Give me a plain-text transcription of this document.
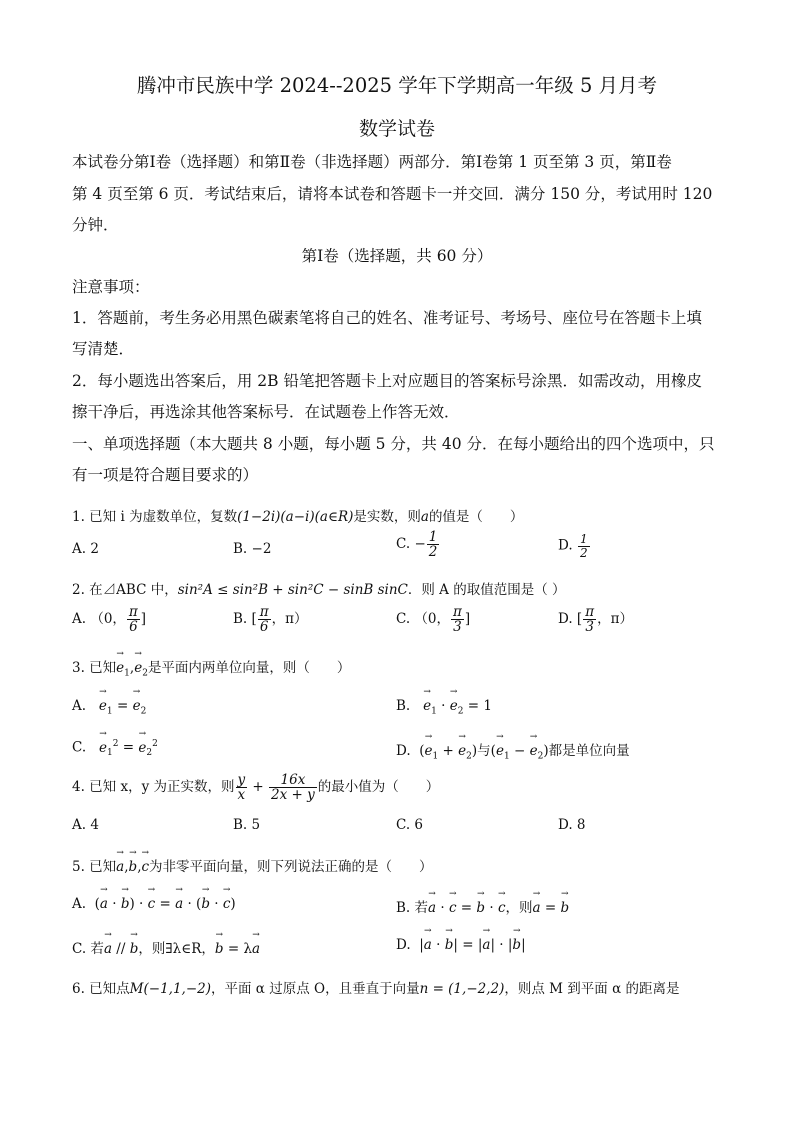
腾冲市民族中学 2024--2025 学年下学期高一年级 5 月月考
数学试卷
本试卷分第Ⅰ卷（选择题）和第Ⅱ卷（非选择题）两部分．第Ⅰ卷第 1 页至第 3 页，第Ⅱ卷
第 4 页至第 6 页．考试结束后，请将本试卷和答题卡一并交回．满分 150 分，考试用时 120
分钟．
第Ⅰ卷（选择题，共 60 分）
注意事项：
1．答题前，考生务必用黑色碳素笔将自己的姓名、准考证号、考场号、座位号在答题卡上填
写清楚．
2．每小题选出答案后，用 2B 铅笔把答题卡上对应题目的答案标号涂黑．如需改动，用橡皮
擦干净后，再选涂其他答案标号．在试题卷上作答无效．
一、单项选择题（本大题共 8 小题，每小题 5 分，共 40 分．在每小题给出的四个选项中，只
有一项是符合题目要求的）
1. 已知 i 为虚数单位，复数(1−2i)(a−i)(a∈R)是实数，则a的值是（　　）
A. 2	B. −2	C. − $\frac{1}{2}$	D. $\frac{1}{2}$
2. 在⊿ABC 中，sin²A ≤ sin²B + sin²C − sinB sinC．则 A 的取值范围是（ ）
A. （0， $\frac{\pi}{6}$ ]	B. [ $\frac{\pi}{6}$ ，π）	C. （0， $\frac{\pi}{3}$ ]	D. [ $\frac{\pi}{3}$ ，π）
3. 已知→ $e_1,\to e_2$是平面内两单位向量，则（　　）
A. → $e_1$ = → $e_2$	B. → $e_1$ · → $e_2 = 1$
C. → $e_1^2$ = → $e_2^2$	D.  (→ $e_1$ + → $e_2$)与(→ $e_1$ − → $e_2$)都是单位向量
4. 已知 x，y 为正实数，则 $\frac{y}{x} + \frac{16x}{2x + y}$ 的最小值为（　　）
A. 4	B. 5	C. 6	D. 8
5. 已知→ a,→ b,→ c为非零平面向量，则下列说法正确的是（　　）
A.  (→ a · → b) · → c = → a · (→ b · → c)	B. 若→ a · → c = → b · → c，则→ a = → b
C. 若→ a // → b，则∃λ∈R，→ b = λ→ a	D.  |→ a · → b| = |→ a| · |→ b|
6. 已知点M(−1,1,−2)，平面 α 过原点 O，且垂直于向量n = (1,−2,2)，则点 M 到平面 α 的距离是
